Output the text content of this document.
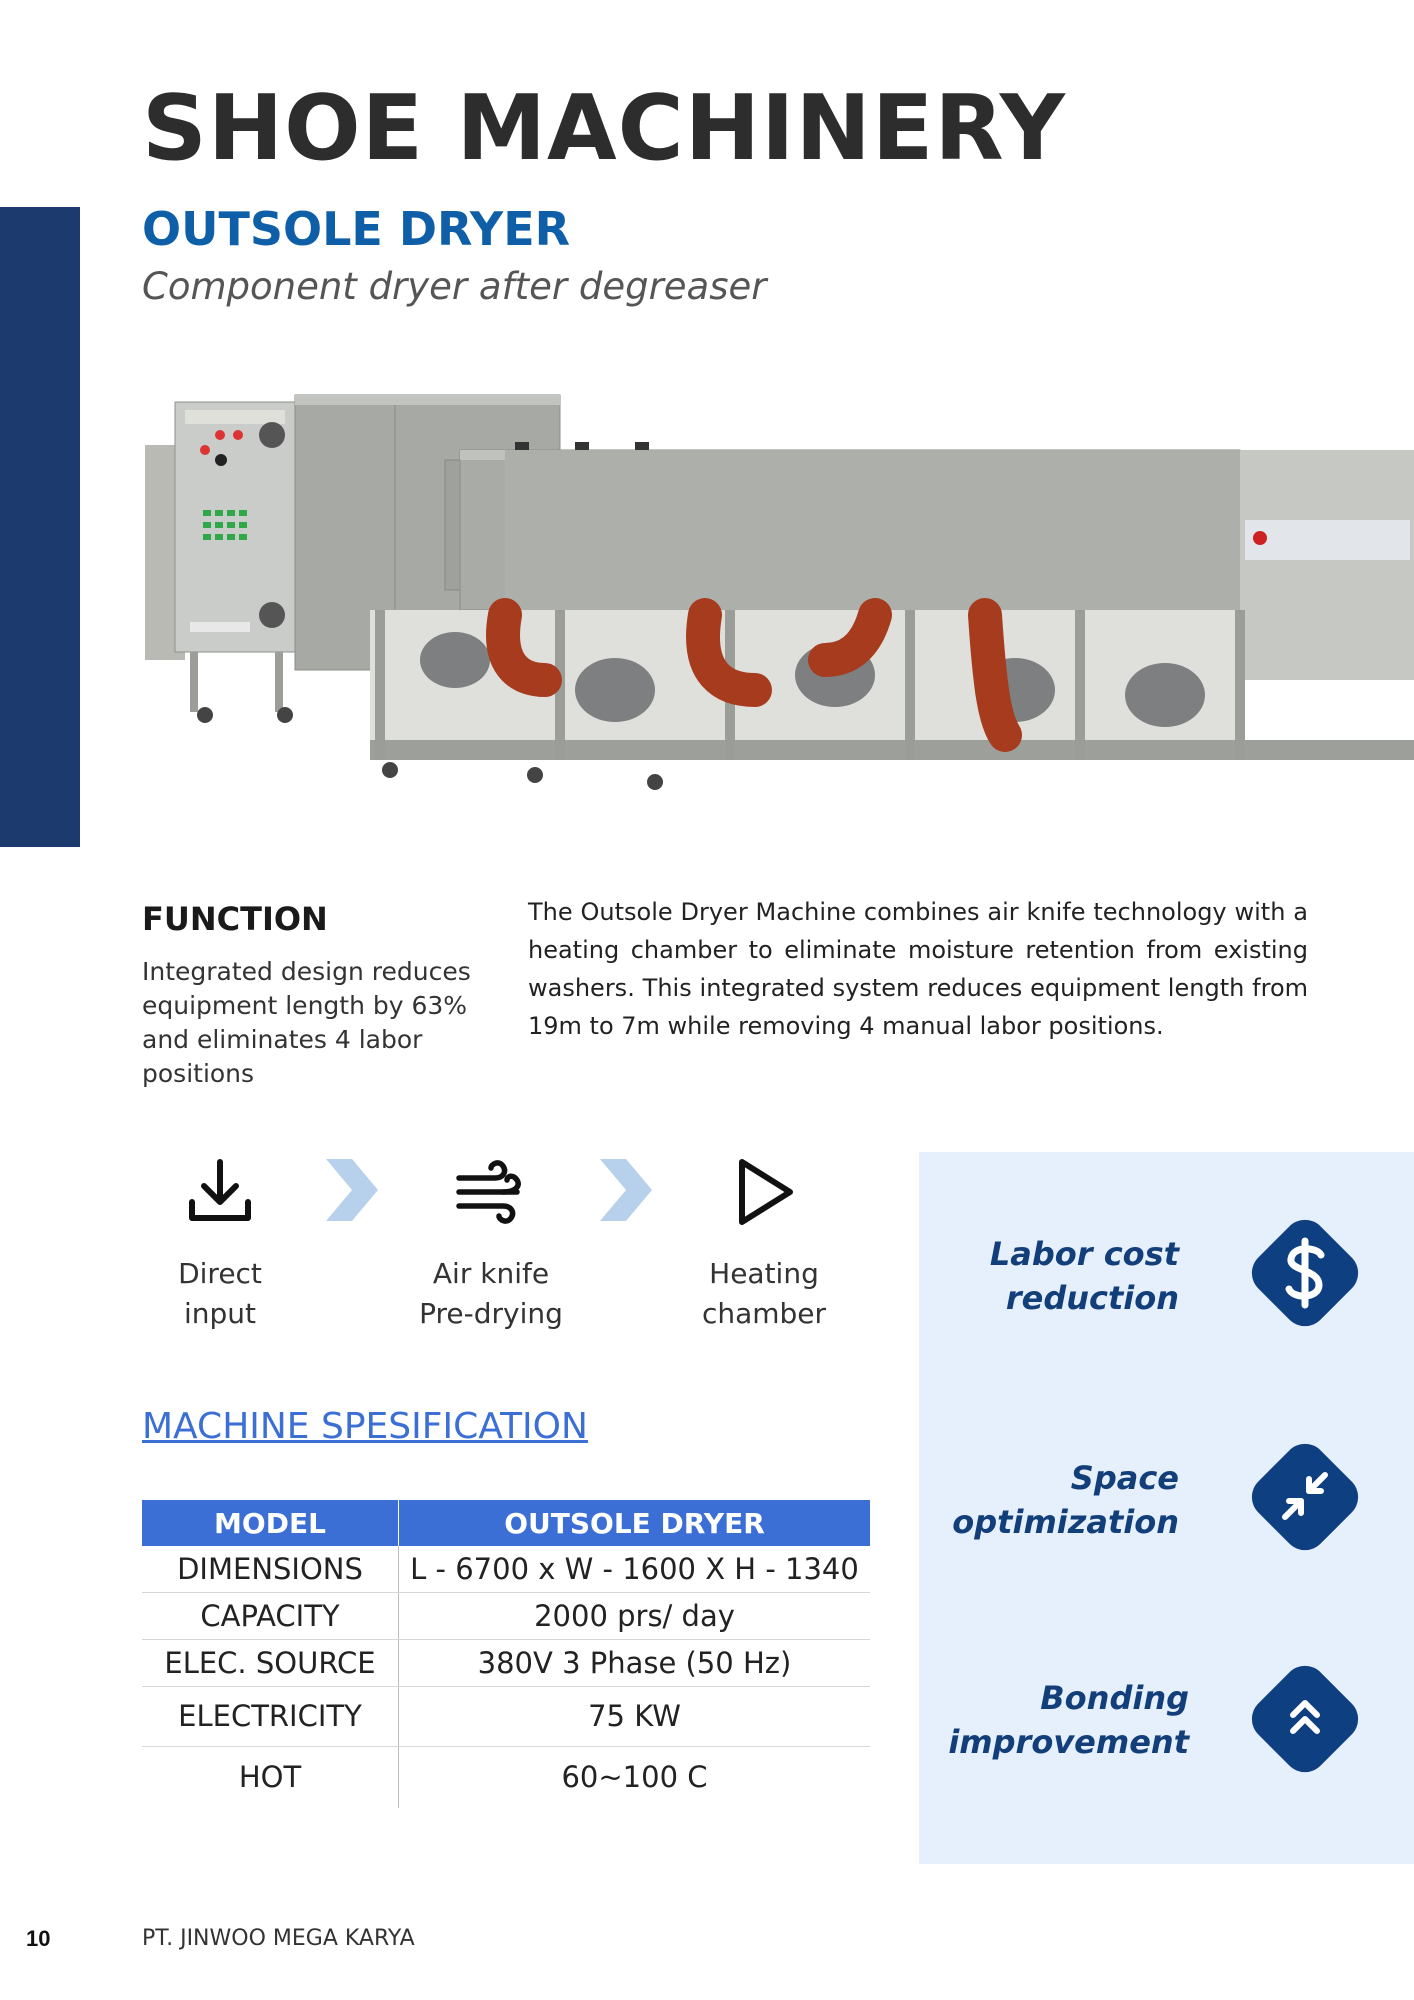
SHOE MACHINERY
OUTSOLE DRYER
Component dryer after degreaser
FUNCTION
Integrated design reduces equipment length by 63% and eliminates 4 labor positions
The Outsole Dryer Machine combines air knife technology with a heating chamber to eliminate moisture retention from existing washers. This integrated system reduces equipment length from 19m to 7m while removing 4 manual labor positions.
Direct
input
Air knife
Pre-drying
Heating
chamber
MACHINE SPESIFICATION
MODEL	OUTSOLE DRYER
DIMENSIONS	L - 6700 x W - 1600 X H - 1340
CAPACITY	2000 prs/ day
ELEC. SOURCE	380V 3 Phase (50 Hz)
ELECTRICITY	75 KW
HOT	60~100 C
Labor cost
reduction
Space
optimization
Bonding
improvement
10	PT. JINWOO MEGA KARYA
